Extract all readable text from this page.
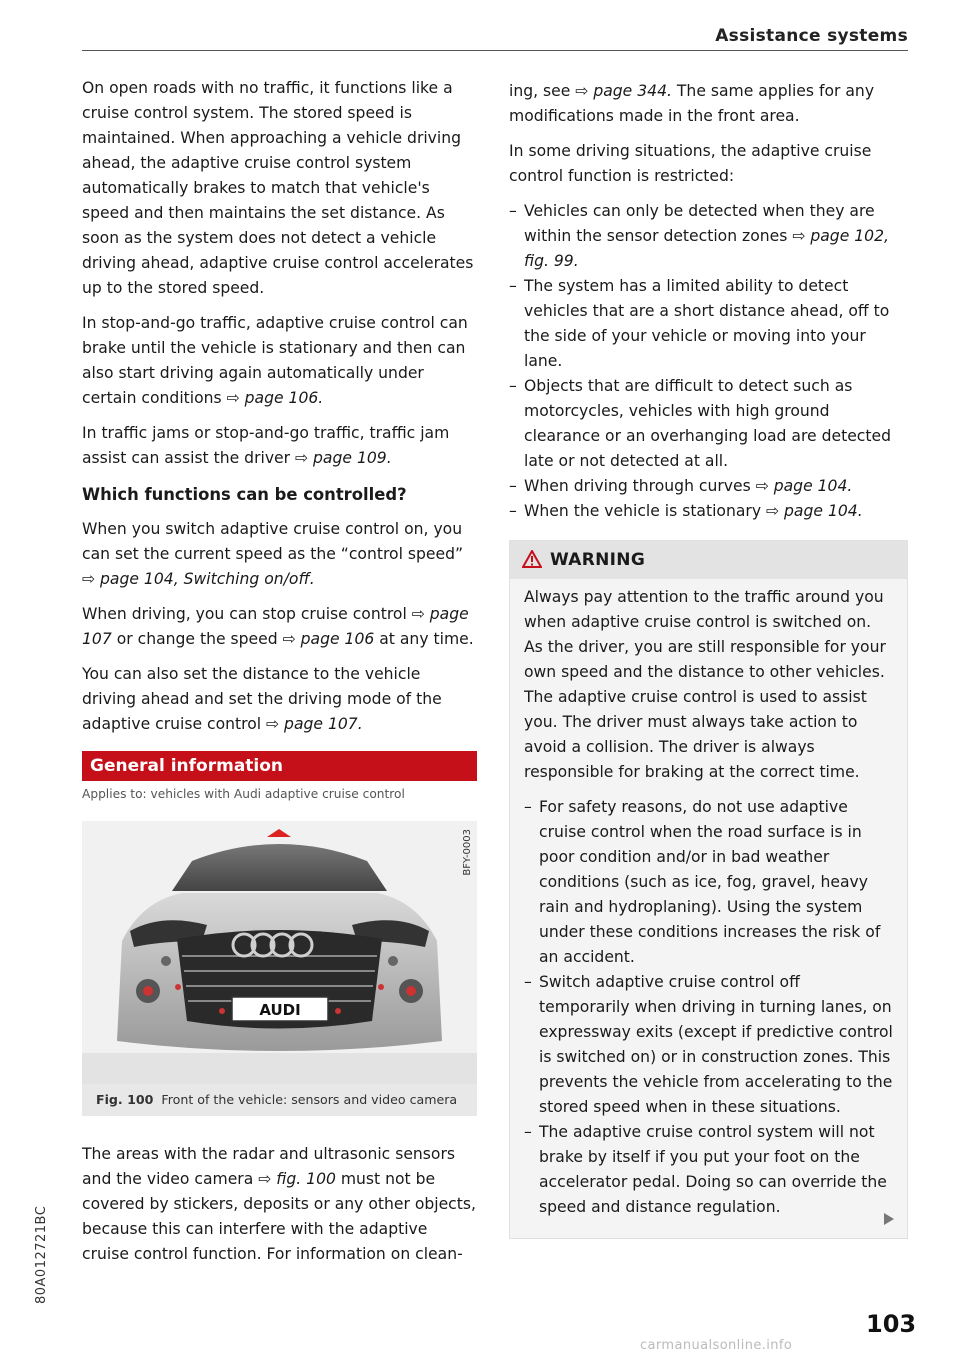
Assistance systems

On open roads with no traffic, it functions like a cruise control system. The stored speed is maintained. When approaching a vehicle driving ahead, the adaptive cruise control system automatically brakes to match that vehicle's speed and then maintains the set distance. As soon as the system does not detect a vehicle driving ahead, adaptive cruise control accelerates up to the stored speed.

In stop-and-go traffic, adaptive cruise control can brake until the vehicle is stationary and then can also start driving again automatically under certain conditions ⇨ page 106.

In traffic jams or stop-and-go traffic, traffic jam assist can assist the driver ⇨ page 109.

Which functions can be controlled?

When you switch adaptive cruise control on, you can set the current speed as the “control speed” ⇨ page 104, Switching on/off.

When driving, you can stop cruise control ⇨ page 107 or change the speed ⇨ page 106 at any time.

You can also set the distance to the vehicle driving ahead and set the driving mode of the adaptive cruise control ⇨ page 107.

General information
Applies to: vehicles with Audi adaptive cruise control
AUDI
BFY-0003
Fig. 100 Front of the vehicle: sensors and video camera

The areas with the radar and ultrasonic sensors and the video camera ⇨ fig. 100 must not be covered by stickers, deposits or any other objects, because this can interfere with the adaptive cruise control function. For information on clean-

ing, see ⇨ page 344. The same applies for any modifications made in the front area.

In some driving situations, the adaptive cruise control function is restricted:

– Vehicles can only be detected when they are within the sensor detection zones ⇨ page 102, fig. 99.
– The system has a limited ability to detect vehicles that are a short distance ahead, off to the side of your vehicle or moving into your lane.
– Objects that are difficult to detect such as motorcycles, vehicles with high ground clearance or an overhanging load are detected late or not detected at all.
– When driving through curves ⇨ page 104.
– When the vehicle is stationary ⇨ page 104.
WARNING

Always pay attention to the traffic around you when adaptive cruise control is switched on. As the driver, you are still responsible for your own speed and the distance to other vehicles. The adaptive cruise control is used to assist you. The driver must always take action to avoid a collision. The driver is always responsible for braking at the correct time.

– For safety reasons, do not use adaptive cruise control when the road surface is in poor condition and/or in bad weather conditions (such as ice, fog, gravel, heavy rain and hydroplaning). Using the system under these conditions increases the risk of an accident.
– Switch adaptive cruise control off temporarily when driving in turning lanes, on expressway exits (except if predictive control is switched on) or in construction zones. This prevents the vehicle from accelerating to the stored speed when in these situations.
– The adaptive cruise control system will not brake by itself if you put your foot on the accelerator pedal. Doing so can override the speed and distance regulation.
103
80A012721BC
carmanualsonline.info
